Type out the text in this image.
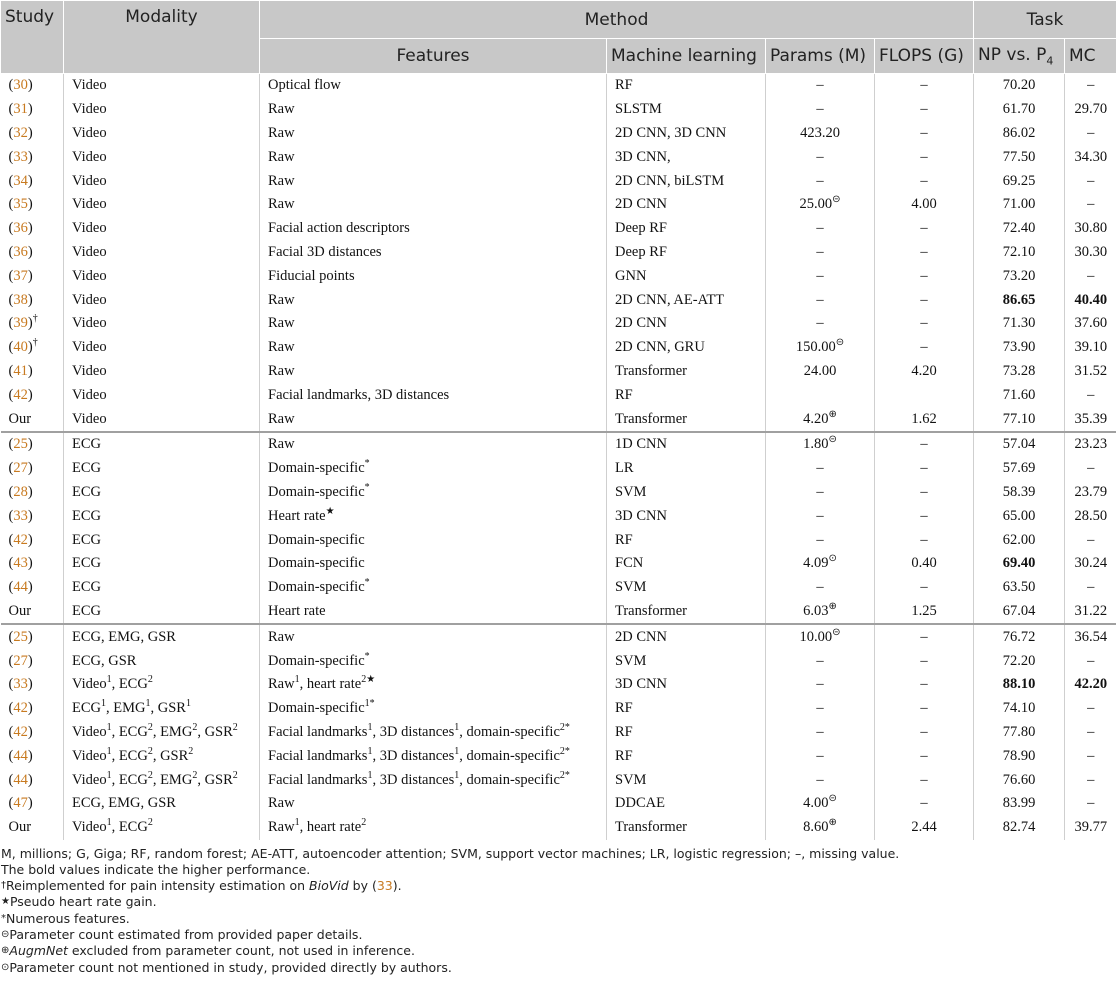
Study	Modality	Method				Task	
		Features	Machine learning	Params (M)	FLOPS (G)	NP vs. $P_4$	MC
(30)	Video	Optical flow	RF	–	–	70.20	–
(31)	Video	Raw	SLSTM	–	–	61.70	29.70
(32)	Video	Raw	2D CNN, 3D CNN	423.20	–	86.02	–
(33)	Video	Raw	3D CNN,	–	–	77.50	34.30
(34)	Video	Raw	2D CNN, biLSTM	–	–	69.25	–
(35)	Video	Raw	2D CNN	25.00⊝	4.00	71.00	–
(36)	Video	Facial action descriptors	Deep RF	–	–	72.40	30.80
(36)	Video	Facial 3D distances	Deep RF	–	–	72.10	30.30
(37)	Video	Fiducial points	GNN	–	–	73.20	–
(38)	Video	Raw	2D CNN, AE-ATT	–	–	86.65	40.40
(39)†	Video	Raw	2D CNN	–	–	71.30	37.60
(40)†	Video	Raw	2D CNN, GRU	150.00⊝	–	73.90	39.10
(41)	Video	Raw	Transformer	24.00	4.20	73.28	31.52
(42)	Video	Facial landmarks, 3D distances	RF			71.60	–
Our	Video	Raw	Transformer	4.20⊕	1.62	77.10	35.39
(25)	ECG	Raw	1D CNN	1.80⊝	–	57.04	23.23
(27)	ECG	Domain-specific*	LR	–	–	57.69	–
(28)	ECG	Domain-specific*	SVM	–	–	58.39	23.79
(33)	ECG	Heart rate★	3D CNN	–	–	65.00	28.50
(42)	ECG	Domain-specific	RF	–	–	62.00	–
(43)	ECG	Domain-specific	FCN	4.09⊙	0.40	69.40	30.24
(44)	ECG	Domain-specific*	SVM	–	–	63.50	–
Our	ECG	Heart rate	Transformer	6.03⊕	1.25	67.04	31.22
(25)	ECG, EMG, GSR	Raw	2D CNN	10.00⊝	–	76.72	36.54
(27)	ECG, GSR	Domain-specific*	SVM	–	–	72.20	–
(33)	Video$^1$, ECG$^2$	Raw$^1$, heart rate$^{2★}$	3D CNN	–	–	88.10	42.20
(42)	ECG$^1$, EMG$^1$, GSR$^1$	Domain-specific$^{1*}$	RF	–	–	74.10	–
(42)	Video$^1$, ECG$^2$, EMG$^2$, GSR$^2$	Facial landmarks$^1$, 3D distances$^1$, domain-specific$^{2*}$	RF	–	–	77.80	–
(44)	Video$^1$, ECG$^2$, GSR$^2$	Facial landmarks$^1$, 3D distances$^1$, domain-specific$^{2*}$	RF	–	–	78.90	–
(44)	Video$^1$, ECG$^2$, EMG$^2$, GSR$^2$	Facial landmarks$^1$, 3D distances$^1$, domain-specific$^{2*}$	SVM	–	–	76.60	–
(47)	ECG, EMG, GSR	Raw	DDCAE	4.00⊝	–	83.99	–
Our	Video$^1$, ECG$^2$	Raw$^1$, heart rate$^2$	Transformer	8.60⊕	2.44	82.74	39.77
M, millions; G, Giga; RF, random forest; AE-ATT, autoencoder attention; SVM, support vector machines; LR, logistic regression; –, missing value.
The bold values indicate the higher performance.
†Reimplemented for pain intensity estimation on BioVid by (33).
★Pseudo heart rate gain.
*Numerous features.
⊝Parameter count estimated from provided paper details.
⊕AugmNet excluded from parameter count, not used in inference.
⊙Parameter count not mentioned in study, provided directly by authors.
